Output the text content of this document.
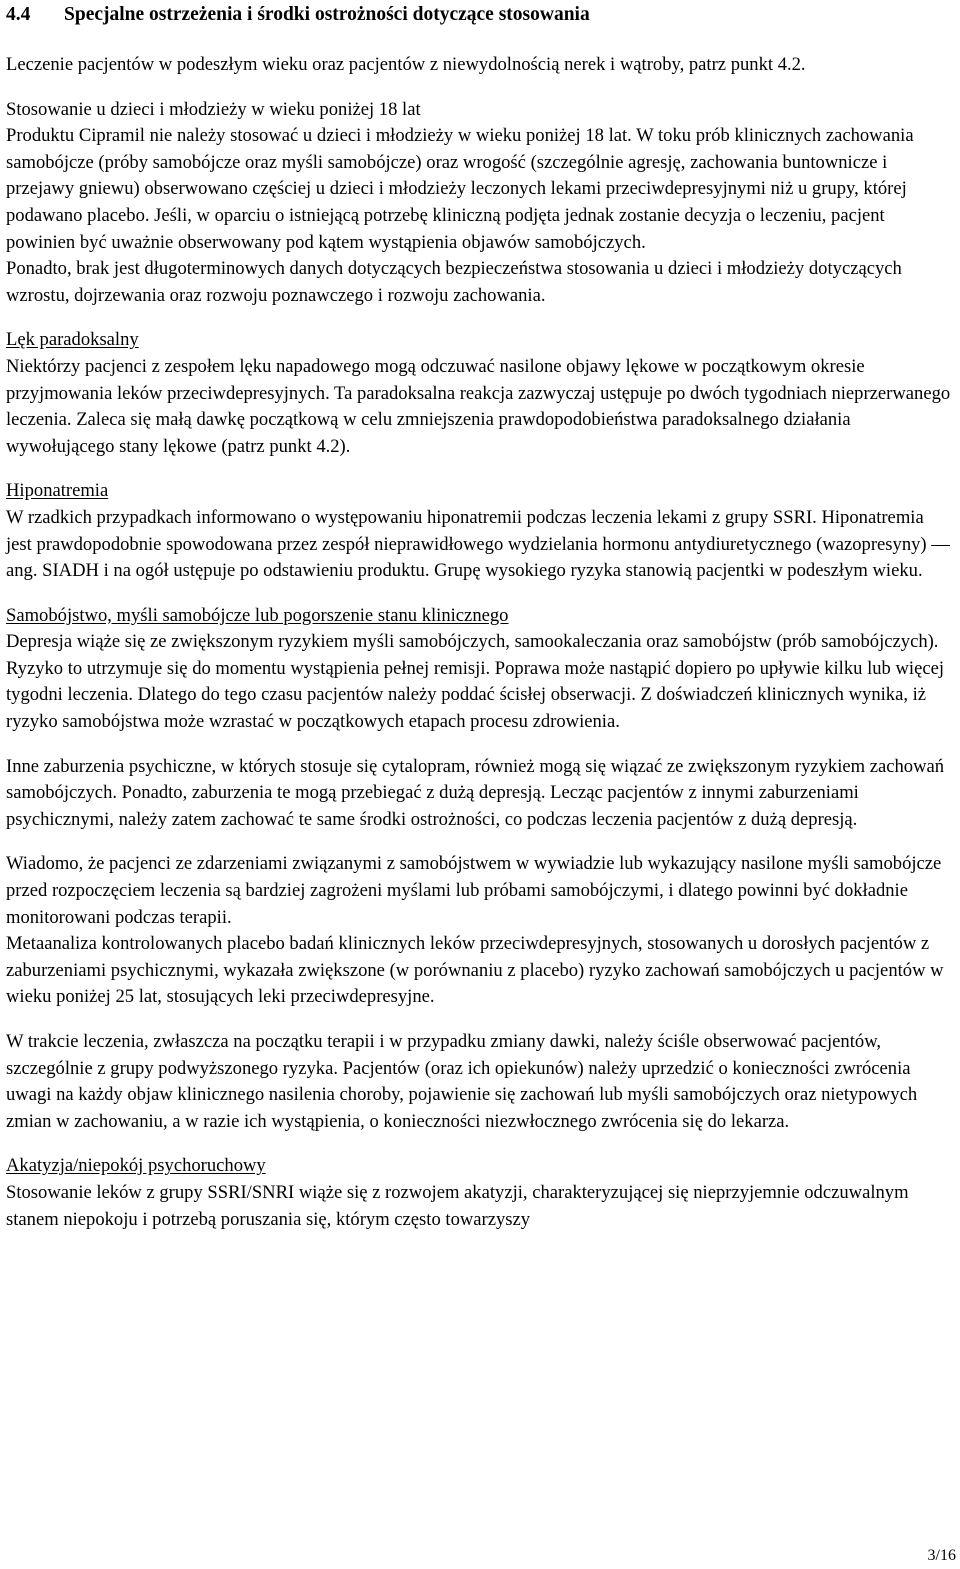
4.4 Specjalne ostrzeżenia i środki ostrożności dotyczące stosowania

Leczenie pacjentów w podeszłym wieku oraz pacjentów z niewydolnością nerek i wątroby, patrz punkt 4.2.

Stosowanie u dzieci i młodzieży w wieku poniżej 18 lat

Produktu Cipramil nie należy stosować u dzieci i młodzieży w wieku poniżej 18 lat. W toku prób klinicznych zachowania samobójcze (próby samobójcze oraz myśli samobójcze) oraz wrogość (szczególnie agresję, zachowania buntownicze i przejawy gniewu) obserwowano częściej u dzieci i młodzieży leczonych lekami przeciwdepresyjnymi niż u grupy, której podawano placebo. Jeśli, w oparciu o istniejącą potrzebę kliniczną podjęta jednak zostanie decyzja o leczeniu, pacjent powinien być uważnie obserwowany pod kątem wystąpienia objawów samobójczych.

Ponadto, brak jest długoterminowych danych dotyczących bezpieczeństwa stosowania u dzieci i młodzieży dotyczących wzrostu, dojrzewania oraz rozwoju poznawczego i rozwoju zachowania.

Lęk paradoksalny

Niektórzy pacjenci z zespołem lęku napadowego mogą odczuwać nasilone objawy lękowe w początkowym okresie przyjmowania leków przeciwdepresyjnych. Ta paradoksalna reakcja zazwyczaj ustępuje po dwóch tygodniach nieprzerwanego leczenia. Zaleca się małą dawkę początkową w celu zmniejszenia prawdopodobieństwa paradoksalnego działania wywołującego stany lękowe (patrz punkt 4.2).

Hiponatremia

W rzadkich przypadkach informowano o występowaniu hiponatremii podczas leczenia lekami z grupy SSRI. Hiponatremia jest prawdopodobnie spowodowana przez zespół nieprawidłowego wydzielania hormonu antydiuretycznego (wazopresyny) — ang. SIADH i na ogół ustępuje po odstawieniu produktu. Grupę wysokiego ryzyka stanowią pacjentki w podeszłym wieku.

Samobójstwo, myśli samobójcze lub pogorszenie stanu klinicznego

Depresja wiąże się ze zwiększonym ryzykiem myśli samobójczych, samookaleczania oraz samobójstw (prób samobójczych). Ryzyko to utrzymuje się do momentu wystąpienia pełnej remisji. Poprawa może nastąpić dopiero po upływie kilku lub więcej tygodni leczenia. Dlatego do tego czasu pacjentów należy poddać ścisłej obserwacji. Z doświadczeń klinicznych wynika, iż ryzyko samobójstwa może wzrastać w początkowych etapach procesu zdrowienia.

Inne zaburzenia psychiczne, w których stosuje się cytalopram, również mogą się wiązać ze zwiększonym ryzykiem zachowań samobójczych. Ponadto, zaburzenia te mogą przebiegać z dużą depresją. Lecząc pacjentów z innymi zaburzeniami psychicznymi, należy zatem zachować te same środki ostrożności, co podczas leczenia pacjentów z dużą depresją.

Wiadomo, że pacjenci ze zdarzeniami związanymi z samobójstwem w wywiadzie lub wykazujący nasilone myśli samobójcze przed rozpoczęciem leczenia są bardziej zagrożeni myślami lub próbami samobójczymi, i dlatego powinni być dokładnie monitorowani podczas terapii.

Metaanaliza kontrolowanych placebo badań klinicznych leków przeciwdepresyjnych, stosowanych u dorosłych pacjentów z zaburzeniami psychicznymi, wykazała zwiększone (w porównaniu z placebo) ryzyko zachowań samobójczych u pacjentów w wieku poniżej 25 lat, stosujących leki przeciwdepresyjne.

W trakcie leczenia, zwłaszcza na początku terapii i w przypadku zmiany dawki, należy ściśle obserwować pacjentów, szczególnie z grupy podwyższonego ryzyka. Pacjentów (oraz ich opiekunów) należy uprzedzić o konieczności zwrócenia uwagi na każdy objaw klinicznego nasilenia choroby, pojawienie się zachowań lub myśli samobójczych oraz nietypowych zmian w zachowaniu, a w razie ich wystąpienia, o konieczności niezwłocznego zwrócenia się do lekarza.

Akatyzja/niepokój psychoruchowy

Stosowanie leków z grupy SSRI/SNRI wiąże się z rozwojem akatyzji, charakteryzującej się nieprzyjemnie odczuwalnym stanem niepokoju i potrzebą poruszania się, którym często towarzyszy

3/16
